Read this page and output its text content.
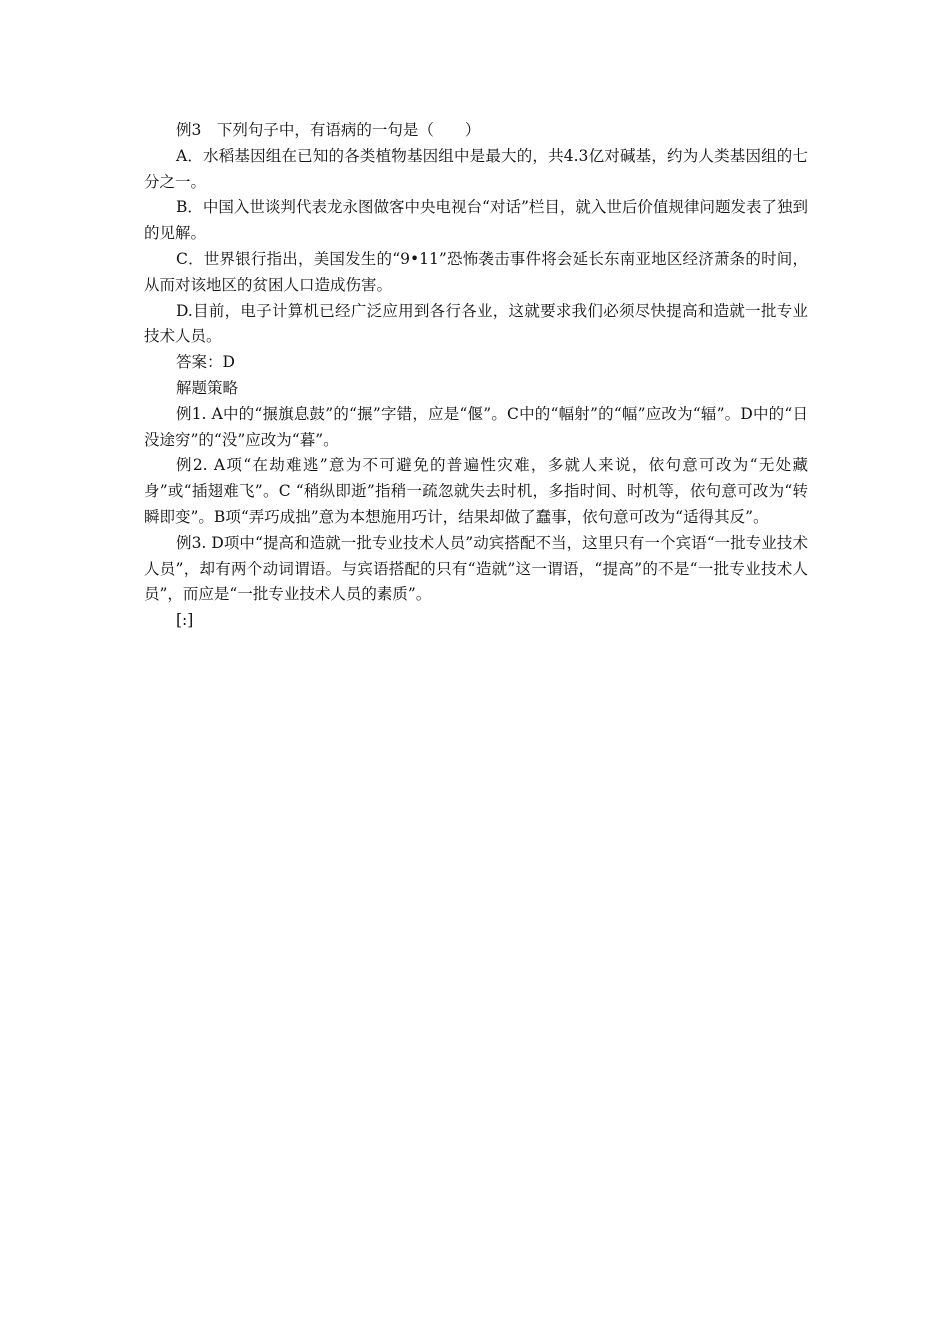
例3　下列句子中，有语病的一句是（　　）

A．水稻基因组在已知的各类植物基因组中是最大的，共4.3亿对碱基，约为人类基因组的七分之一。

B．中国入世谈判代表龙永图做客中央电视台“对话”栏目，就入世后价值规律问题发表了独到的见解。

C．世界银行指出，美国发生的“9•11”恐怖袭击事件将会延长东南亚地区经济萧条的时间，从而对该地区的贫困人口造成伤害。

D.目前，电子计算机已经广泛应用到各行各业，这就要求我们必须尽快提高和造就一批专业技术人员。

答案：D

解题策略

例1. A中的“搌旗息鼓”的“搌”字错，应是“偃”。C中的“幅射”的“幅”应改为“辐”。D中的“日没途穷”的“没”应改为“暮”。

例2. A项“在劫难逃”意为不可避免的普遍性灾难，多就人来说，依句意可改为“无处藏身”或“插翅难飞”。C “稍纵即逝”指稍一疏忽就失去时机，多指时间、时机等，依句意可改为“转瞬即变”。B项“弄巧成拙”意为本想施用巧计，结果却做了蠢事，依句意可改为“适得其反”。

例3. D项中“提高和造就一批专业技术人员”动宾搭配不当，这里只有一个宾语“一批专业技术人员”，却有两个动词谓语。与宾语搭配的只有“造就”这一谓语，“提高”的不是“一批专业技术人员”，而应是“一批专业技术人员的素质”。

[:]
